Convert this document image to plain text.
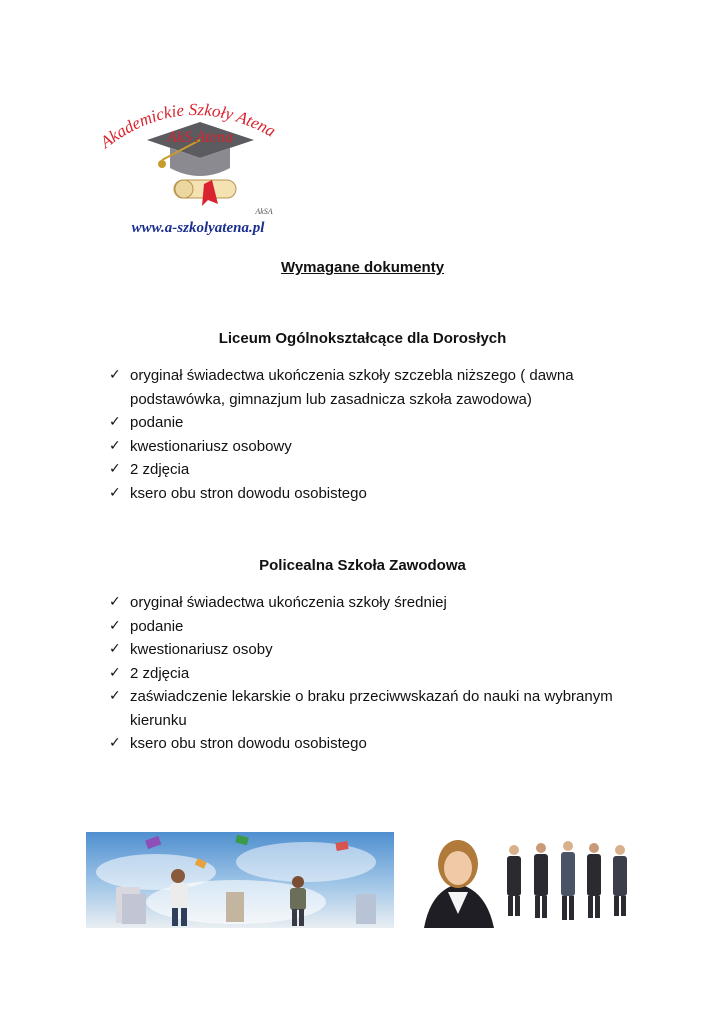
Akademickie Szkoły Atena
AkS Atena
AkSA
www.a-szkolyatena.pl
Wymagane dokumenty
Liceum Ogólnokształcące dla Dorosłych
✓ oryginał świadectwa ukończenia szkoły szczebla niższego ( dawna podstawówka, gimnazjum lub zasadnicza szkoła zawodowa)
✓ podanie
✓ kwestionariusz osobowy
✓ 2 zdjęcia
✓ ksero obu stron dowodu osobistego
Policealna Szkoła Zawodowa
✓ oryginał świadectwa ukończenia szkoły średniej
✓ podanie
✓ kwestionariusz osoby
✓ 2 zdjęcia
✓ zaświadczenie lekarskie o braku przeciwwskazań do nauki na wybranym kierunku
✓ ksero obu stron dowodu osobistego
